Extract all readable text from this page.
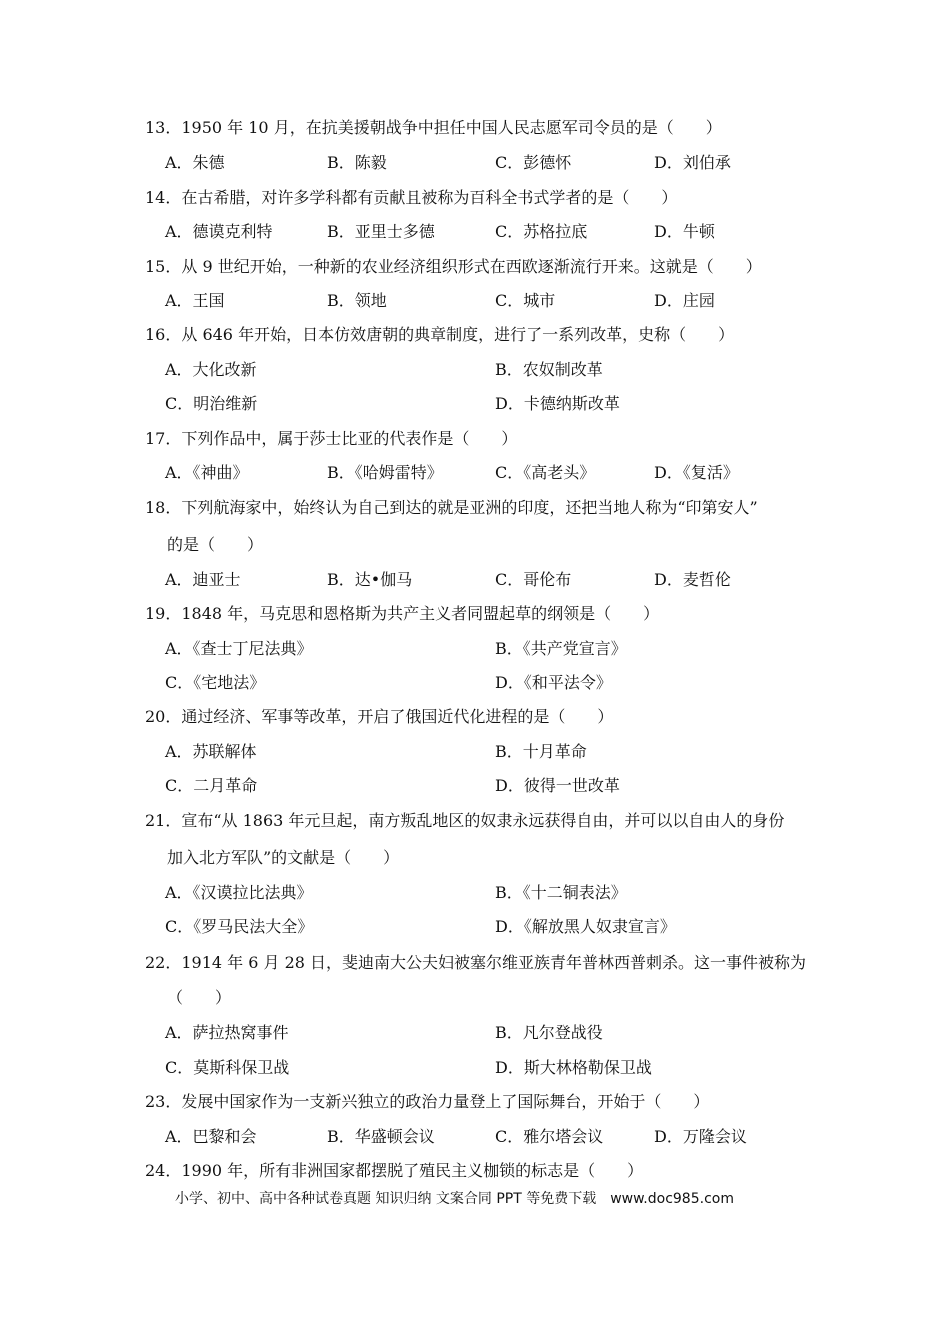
13．1950 年 10 月，在抗美援朝战争中担任中国人民志愿军司令员的是（　　）
A．朱德	B．陈毅	C．彭德怀	D．刘伯承
14．在古希腊，对许多学科都有贡献且被称为百科全书式学者的是（　　）
A．德谟克利特	B．亚里士多德	C．苏格拉底	D．牛顿
15．从 9 世纪开始，一种新的农业经济组织形式在西欧逐渐流行开来。这就是（　　）
A．王国	B．领地	C．城市	D．庄园
16．从 646 年开始，日本仿效唐朝的典章制度，进行了一系列改革，史称（　　）
A．大化改新	B．农奴制改革
C．明治维新	D．卡德纳斯改革
17．下列作品中，属于莎士比亚的代表作是（　　）
A．《神曲》	B．《哈姆雷特》	C．《高老头》	D．《复活》
18．下列航海家中，始终认为自己到达的就是亚洲的印度，还把当地人称为“印第安人”
的是（　　）
A．迪亚士	B．达•伽马	C．哥伦布	D．麦哲伦
19．1848 年，马克思和恩格斯为共产主义者同盟起草的纲领是（　　）
A．《查士丁尼法典》	B．《共产党宣言》
C．《宅地法》	D．《和平法令》
20．通过经济、军事等改革，开启了俄国近代化进程的是（　　）
A．苏联解体	B．十月革命
C．二月革命	D．彼得一世改革
21．宣布“从 1863 年元旦起，南方叛乱地区的奴隶永远获得自由，并可以以自由人的身份
加入北方军队”的文献是（　　）
A．《汉谟拉比法典》	B．《十二铜表法》
C．《罗马民法大全》	D．《解放黑人奴隶宣言》
22．1914 年 6 月 28 日，斐迪南大公夫妇被塞尔维亚族青年普林西普刺杀。这一事件被称为
（　　）
A．萨拉热窝事件	B．凡尔登战役
C．莫斯科保卫战	D．斯大林格勒保卫战
23．发展中国家作为一支新兴独立的政治力量登上了国际舞台，开始于（　　）
A．巴黎和会	B．华盛顿会议	C．雅尔塔会议	D．万隆会议
24．1990 年，所有非洲国家都摆脱了殖民主义枷锁的标志是（　　）
小学、初中、高中各种试卷真题 知识归纳 文案合同 PPT 等免费下载　www.doc985.com
